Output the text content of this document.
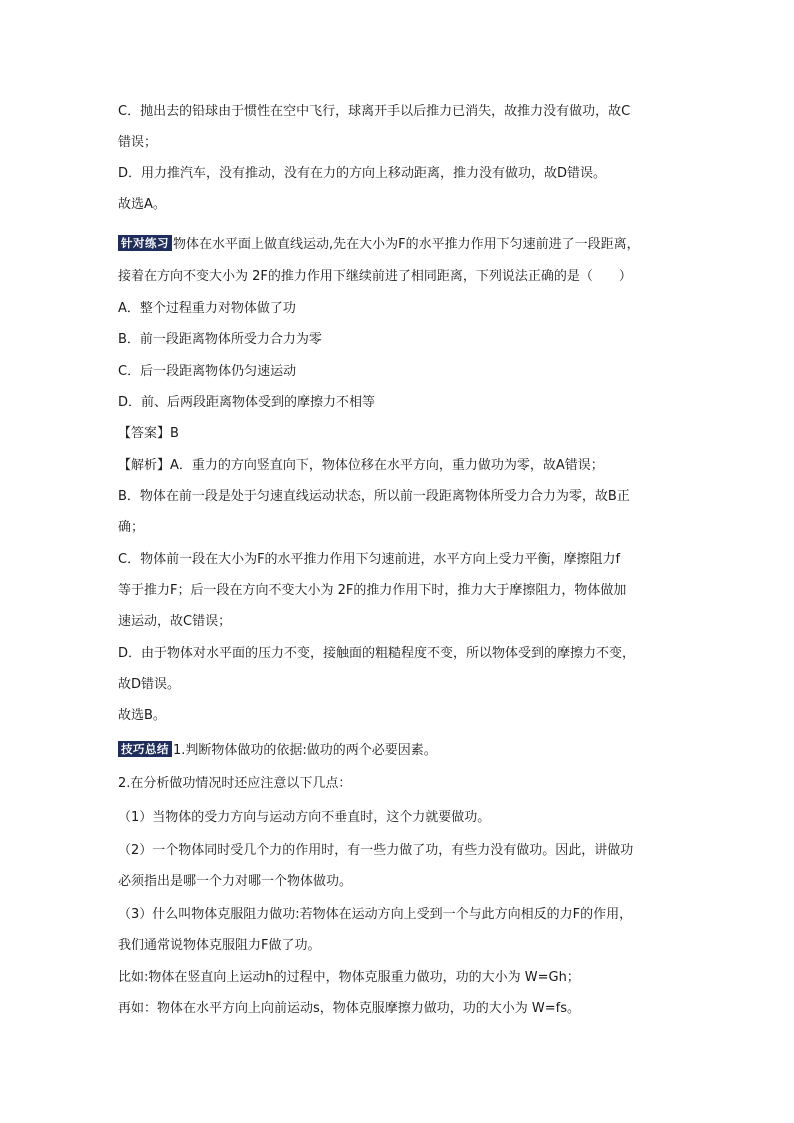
C．抛出去的铅球由于惯性在空中飞行，球离开手以后推力已消失，故推力没有做功，故C
错误；
D．用力推汽车，没有推动，没有在力的方向上移动距离，推力没有做功，故D错误。
故选A。
针对练习 物体在水平面上做直线运动,先在大小为F的水平推力作用下匀速前进了一段距离，
接着在方向不变大小为 2F的推力作用下继续前进了相同距离，下列说法正确的是（　　）
A．整个过程重力对物体做了功
B．前一段距离物体所受力合力为零
C．后一段距离物体仍匀速运动
D．前、后两段距离物体受到的摩擦力不相等
【答案】B
【解析】A．重力的方向竖直向下，物体位移在水平方向，重力做功为零，故A错误；
B．物体在前一段是处于匀速直线运动状态，所以前一段距离物体所受力合力为零，故B正
确；
C．物体前一段在大小为F的水平推力作用下匀速前进，水平方向上受力平衡，摩擦阻力f
等于推力F；后一段在方向不变大小为 2F的推力作用下时，推力大于摩擦阻力，物体做加
速运动，故C错误；
D．由于物体对水平面的压力不变，接触面的粗糙程度不变，所以物体受到的摩擦力不变，
故D错误。
故选B。
技巧总结 1.判断物体做功的依据:做功的两个必要因素。
2.在分析做功情况时还应注意以下几点：
（1）当物体的受力方向与运动方向不垂直时，这个力就要做功。
（2）一个物体同时受几个力的作用时，有一些力做了功，有些力没有做功。因此，讲做功
必须指出是哪一个力对哪一个物体做功。
（3）什么叫物体克服阻力做功:若物体在运动方向上受到一个与此方向相反的力F的作用，
我们通常说物体克服阻力F做了功。
比如:物体在竖直向上运动h的过程中，物体克服重力做功，功的大小为 W=Gh；
再如：物体在水平方向上向前运动s，物体克服摩擦力做功，功的大小为 W=fs。
